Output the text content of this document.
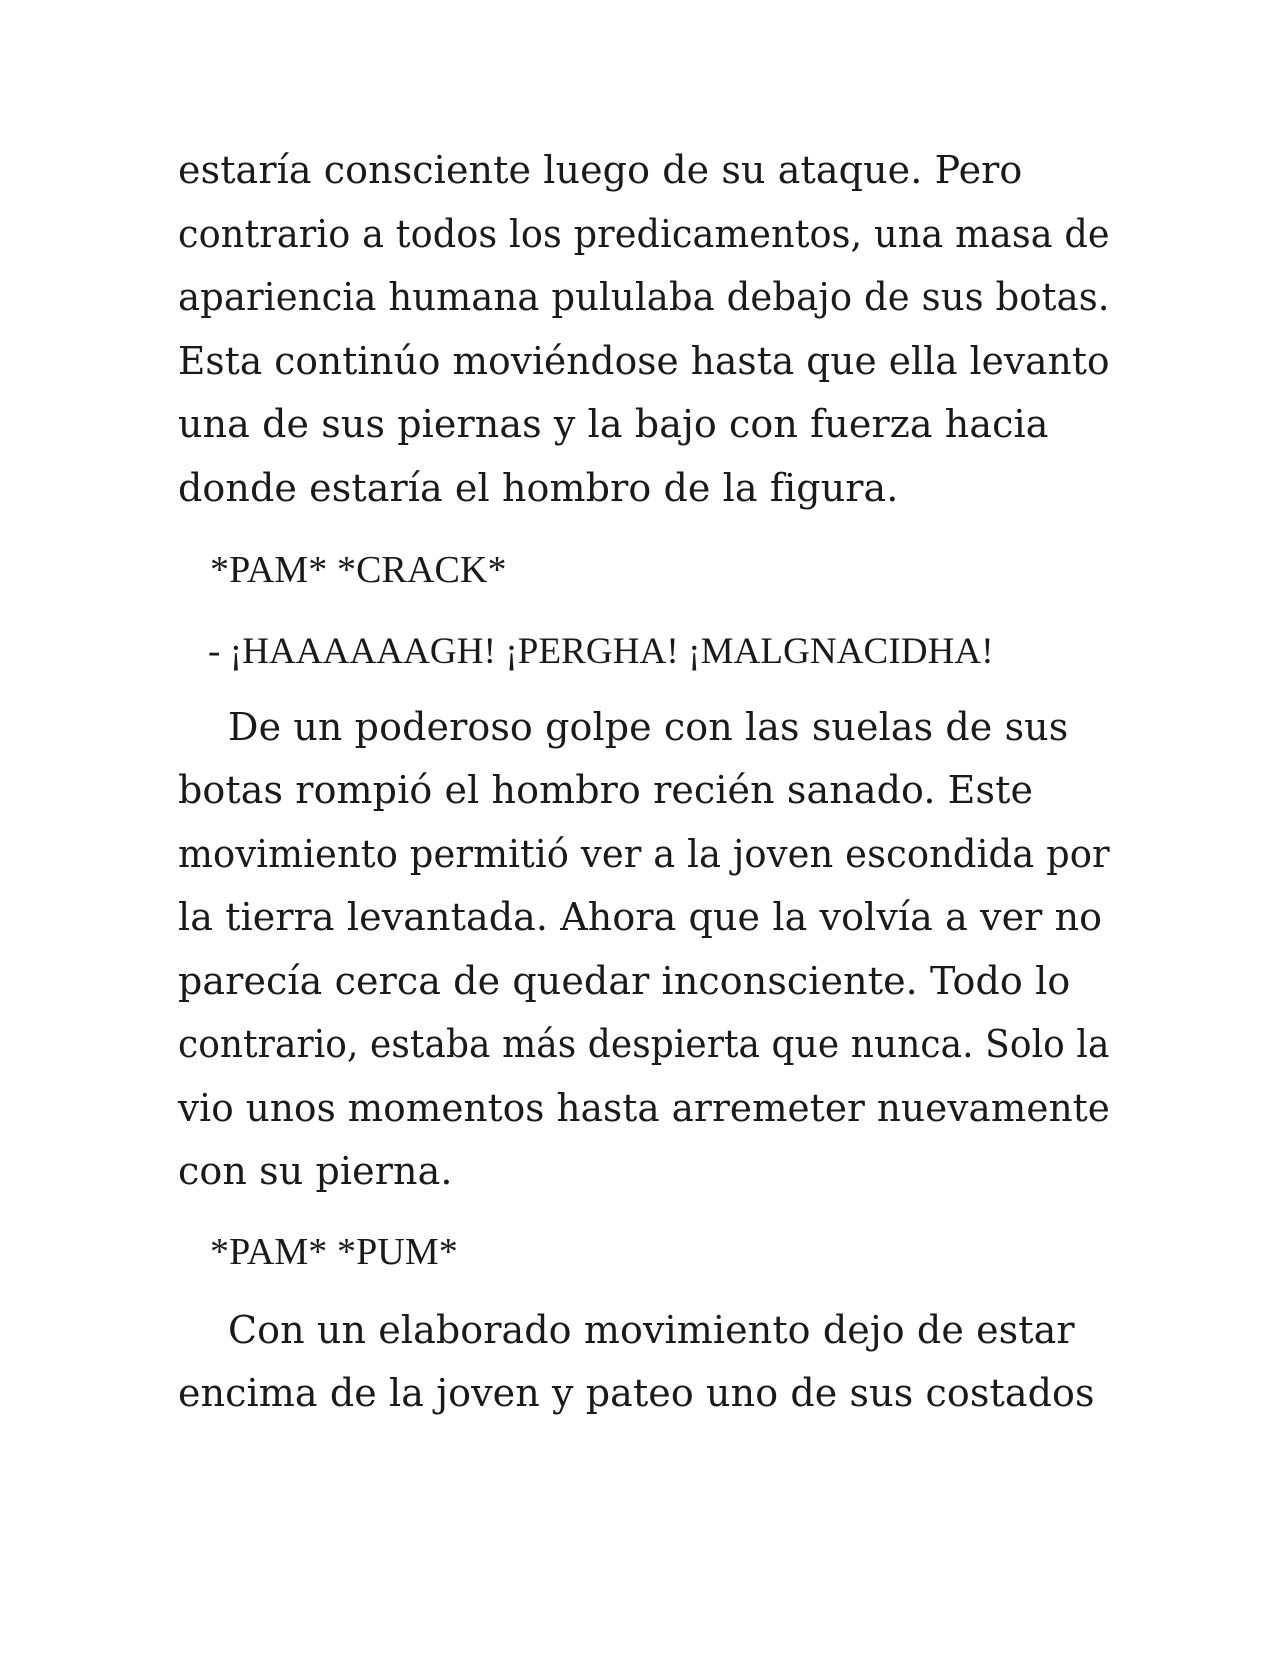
estaría consciente luego de su ataque. Pero
contrario a todos los predicamentos, una masa de
apariencia humana pululaba debajo de sus botas.
Esta continúo moviéndose hasta que ella levanto
una de sus piernas y la bajo con fuerza hacia
donde estaría el hombro de la figura.
*PAM* *CRACK*
- ¡HAAAAAAGH! ¡PERGHA! ¡MALGNACIDHA!
De un poderoso golpe con las suelas de sus
botas rompió el hombro recién sanado. Este
movimiento permitió ver a la joven escondida por
la tierra levantada. Ahora que la volvía a ver no
parecía cerca de quedar inconsciente. Todo lo
contrario, estaba más despierta que nunca. Solo la
vio unos momentos hasta arremeter nuevamente
con su pierna.
*PAM* *PUM*
Con un elaborado movimiento dejo de estar
encima de la joven y pateo uno de sus costados
